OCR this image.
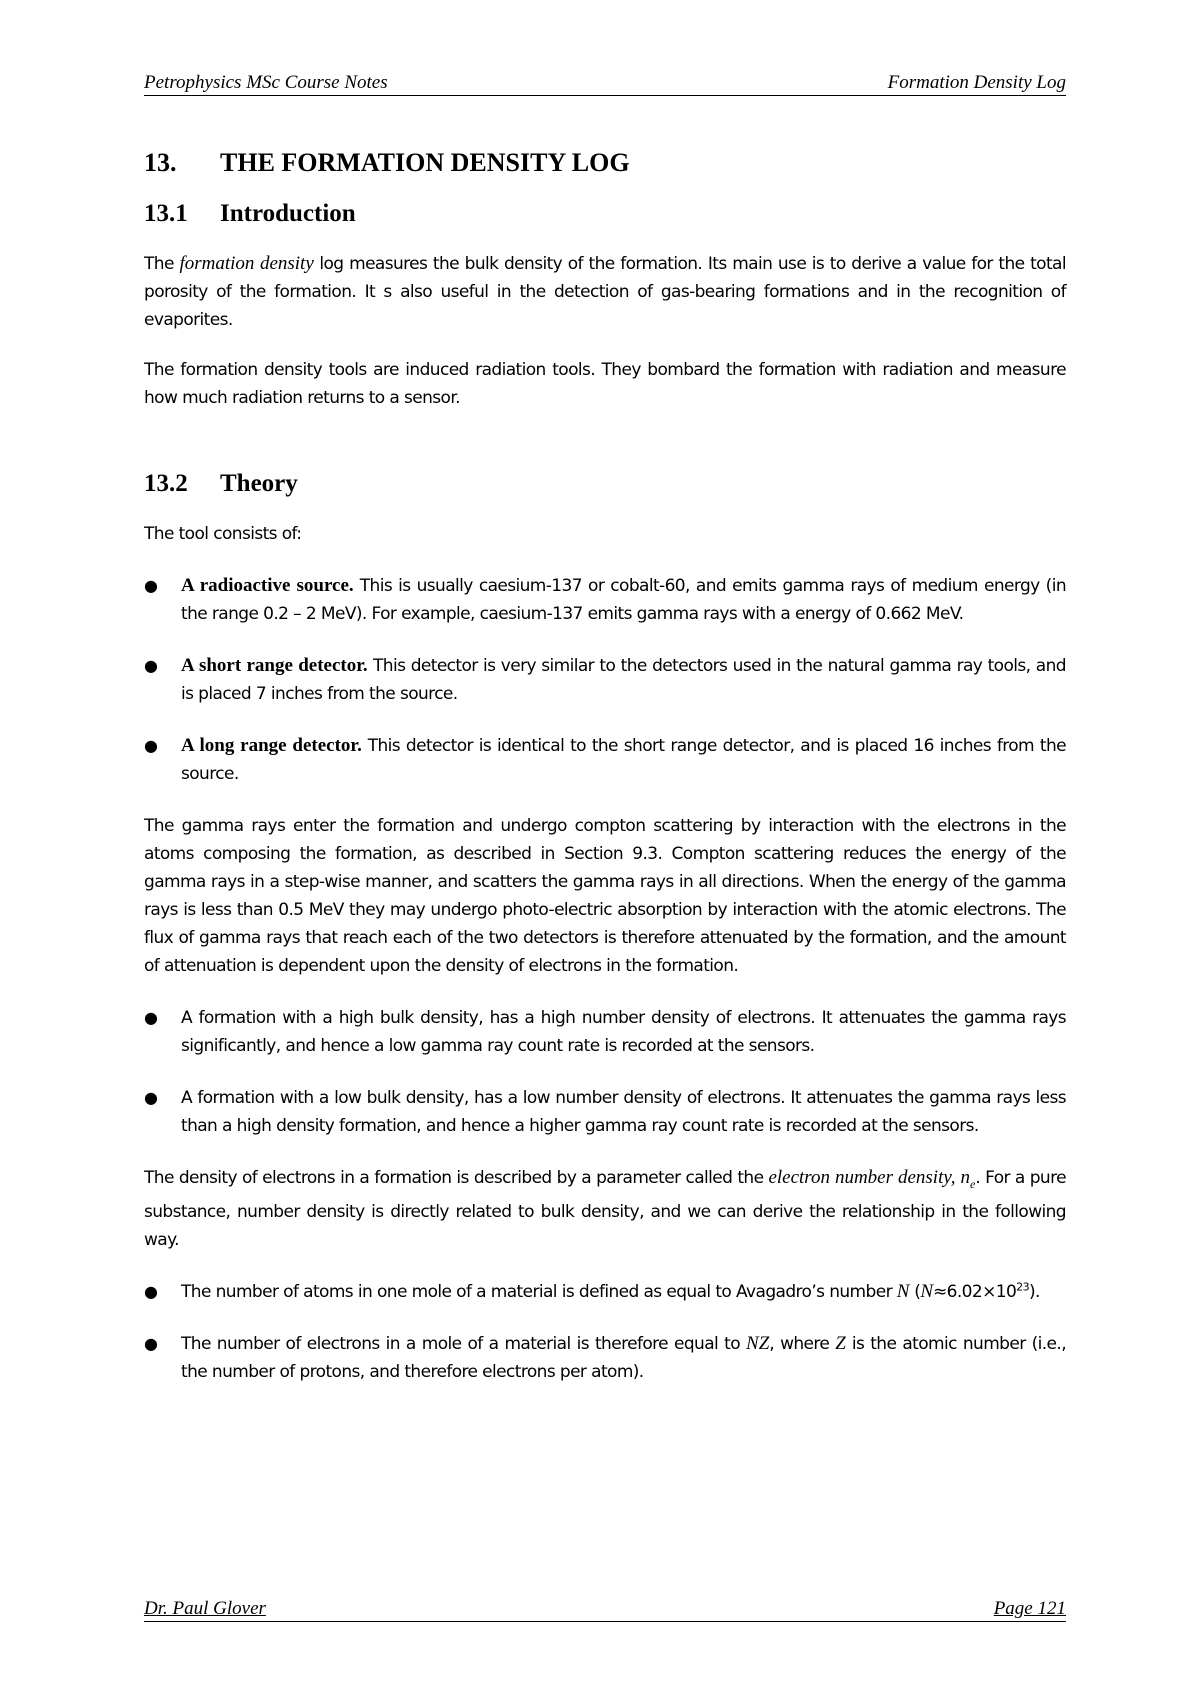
Petrophysics MSc Course Notes	Formation Density Log
13.	THE FORMATION DENSITY LOG
13.1	Introduction

The formation density log measures the bulk density of the formation. Its main use is to derive a value for the total porosity of the formation. It s also useful in the detection of gas-bearing formations and in the recognition of evaporites.

The formation density tools are induced radiation tools. They bombard the formation with radiation and measure how much radiation returns to a sensor.

13.2	Theory

The tool consists of:

● A radioactive source. This is usually caesium-137 or cobalt-60, and emits gamma rays of medium energy (in the range 0.2 – 2 MeV). For example, caesium-137 emits gamma rays with a energy of 0.662 MeV.
● A short range detector. This detector is very similar to the detectors used in the natural gamma ray tools, and is placed 7 inches from the source.
● A long range detector. This detector is identical to the short range detector, and is placed 16 inches from the source.

The gamma rays enter the formation and undergo compton scattering by interaction with the electrons in the atoms composing the formation, as described in Section 9.3. Compton scattering reduces the energy of the gamma rays in a step-wise manner, and scatters the gamma rays in all directions. When the energy of the gamma rays is less than 0.5 MeV they may undergo photo-electric absorption by interaction with the atomic electrons. The flux of gamma rays that reach each of the two detectors is therefore attenuated by the formation, and the amount of attenuation is dependent upon the density of electrons in the formation.

● A formation with a high bulk density, has a high number density of electrons. It attenuates the gamma rays significantly, and hence a low gamma ray count rate is recorded at the sensors.
● A formation with a low bulk density, has a low number density of electrons. It attenuates the gamma rays less than a high density formation, and hence a higher gamma ray count rate is recorded at the sensors.

The density of electrons in a formation is described by a parameter called the electron number density, $n_e$. For a pure substance, number density is directly related to bulk density, and we can derive the relationship in the following way.

● The number of atoms in one mole of a material is defined as equal to Avagadro’s number N $(N\approx 6.02\times 10^{23})$.
● The number of electrons in a mole of a material is therefore equal to NZ, where Z is the atomic number (i.e., the number of protons, and therefore electrons per atom).
Dr. Paul Glover	Page 121
